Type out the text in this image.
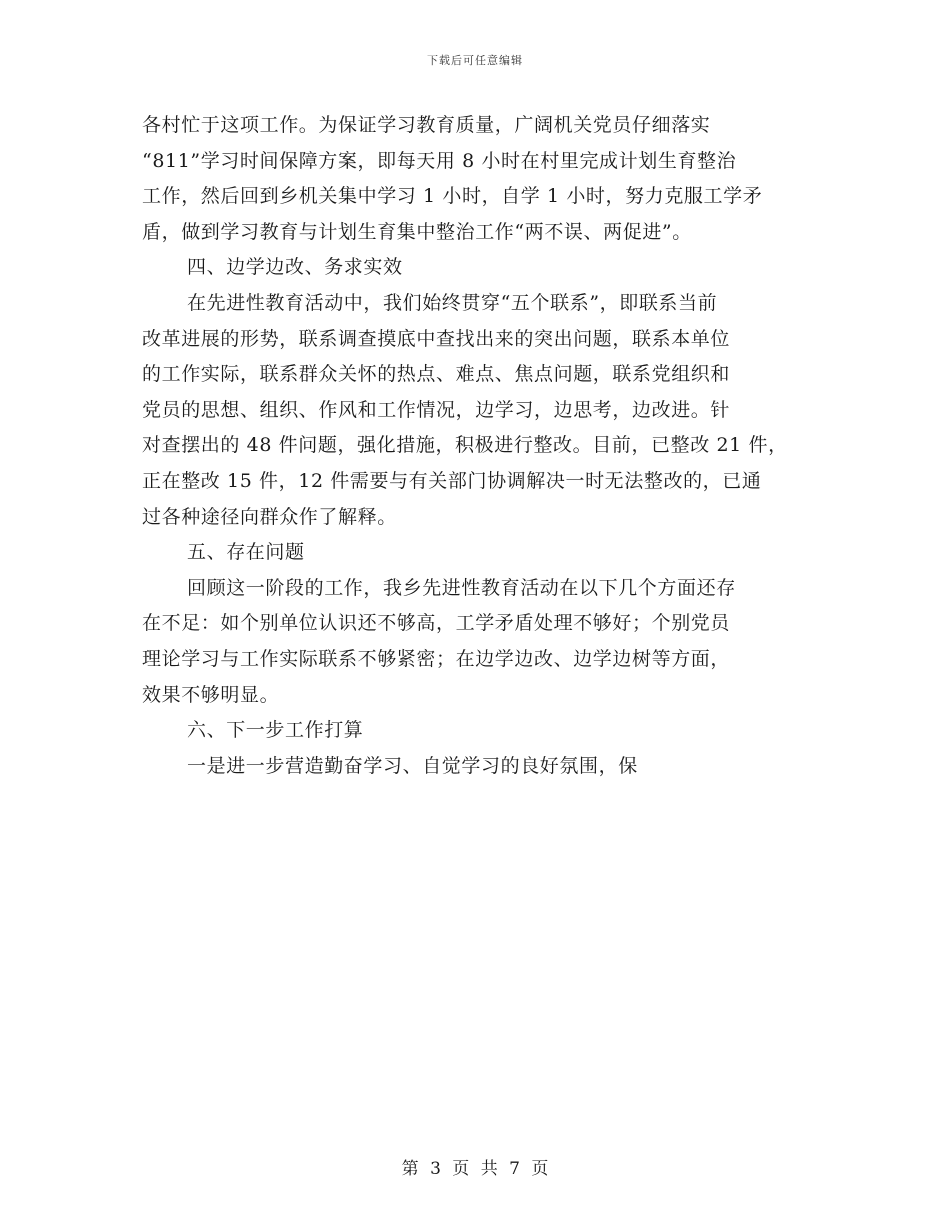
下载后可任意编辑
各村忙于这项工作。为保证学习教育质量，广阔机关党员仔细落实
“811”学习时间保障方案，即每天用 8 小时在村里完成计划生育整治
工作，然后回到乡机关集中学习 1 小时，自学 1 小时，努力克服工学矛
盾，做到学习教育与计划生育集中整治工作“两不误、两促进”。
四、边学边改、务求实效
在先进性教育活动中，我们始终贯穿“五个联系”，即联系当前
改革进展的形势，联系调查摸底中查找出来的突出问题，联系本单位
的工作实际，联系群众关怀的热点、难点、焦点问题，联系党组织和
党员的思想、组织、作风和工作情况，边学习，边思考，边改进。针
对查摆出的 48 件问题，强化措施，积极进行整改。目前，已整改 21 件，
正在整改 15 件，12 件需要与有关部门协调解决一时无法整改的，已通
过各种途径向群众作了解释。
五、存在问题
回顾这一阶段的工作，我乡先进性教育活动在以下几个方面还存
在不足：如个别单位认识还不够高，工学矛盾处理不够好；个别党员
理论学习与工作实际联系不够紧密；在边学边改、边学边树等方面，
效果不够明显。
六、下一步工作打算
一是进一步营造勤奋学习、自觉学习的良好氛围，保
第 3 页 共 7 页
